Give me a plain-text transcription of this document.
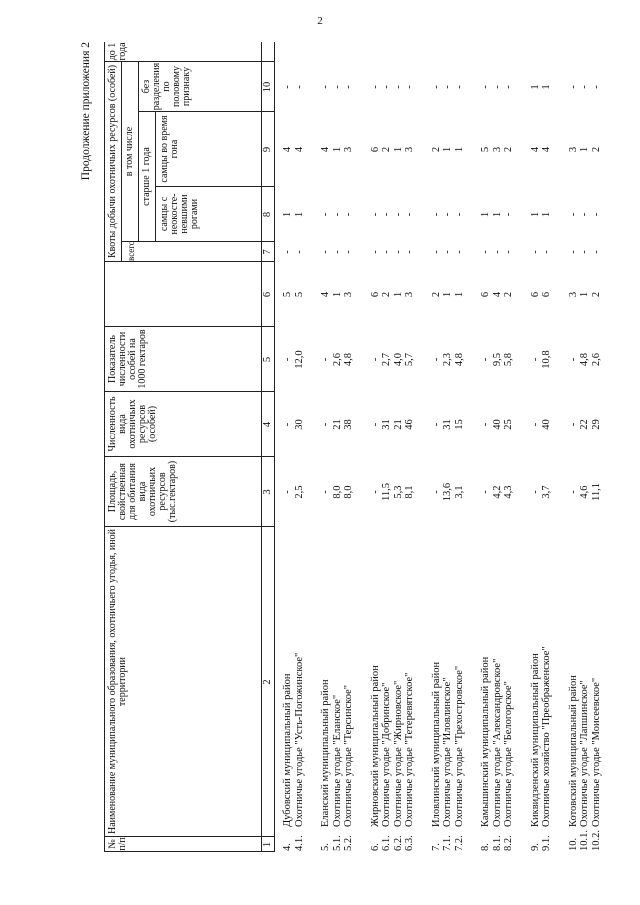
2
Продолжение приложения 2
№ п/п
Наименование муниципального образования, охотничьего угодья, иной территории
Площадь, свойственная для обитания вида охотничьих ресурсов (тыс.гектаров)
Численность вида охотничьих ресурсов (особей)
Показатель численности особей на 1000 гектаров
Квоты добычи охотничьих ресурсов (особей) всего
в том числе старше 1 года
самцы с неокосте-невшими рогами
самцы во время гона
без разделения по половому признаку
до 1 года
1
2
3
4
5
6
7
8
9
10
4.
Дубовский муниципальный район
-
-
-
5
-
1
4
-
4.1.
Охотничье угодье "Усть-Погожинское"
2,5
30
12,0
5
-
1
4
-
5.
Еланский муниципальный район
-
-
-
4
-
-
4
-
5.1.
Охотничье угодье "Еланское"
8,0
21
2,6
1
-
-
1
-
5.2.
Охотничье угодье "Терсинское"
8,0
38
4,8
3
-
-
3
-
6.
Жирновский муниципальный район
-
-
-
6
-
-
6
-
6.1.
Охотничье угодье "Добринское"
11,5
31
2,7
2
-
-
2
-
6.2.
Охотничье угодье "Жирновское"
5,3
21
4,0
1
-
-
1
-
6.3.
Охотничье угодье "Тетеревятское"
8,1
46
5,7
3
-
-
3
-
7.
Иловлинский муниципальный район
-
-
-
2
-
-
2
-
7.1.
Охотничье угодье "Иловлинское"
13,6
31
2,3
1
-
-
1
-
7.2.
Охотничье угодье "Трехостровское"
3,1
15
4,8
1
-
-
1
-
8.
Камышинский муниципальный район
-
-
-
6
-
1
5
-
8.1.
Охотничье угодье "Александровское"
4,2
40
9,5
4
-
1
3
-
8.2.
Охотничье угодье "Белогорское"
4,3
25
5,8
2
-
-
2
-
9.
Киквидзенский муниципальный район
-
-
-
6
-
1
4
1
9.1.
Охотничье хозяйство "Преображенское"
3,7
40
10,8
6
-
1
4
1
10.
Котовский муниципальный район
-
-
-
3
-
-
3
-
10.1.
Охотничье угодье "Лапшинское"
4,6
22
4,8
1
-
-
1
-
10.2.
Охотничье угодье "Моисеевское"
11,1
29
2,6
2
-
-
2
-
